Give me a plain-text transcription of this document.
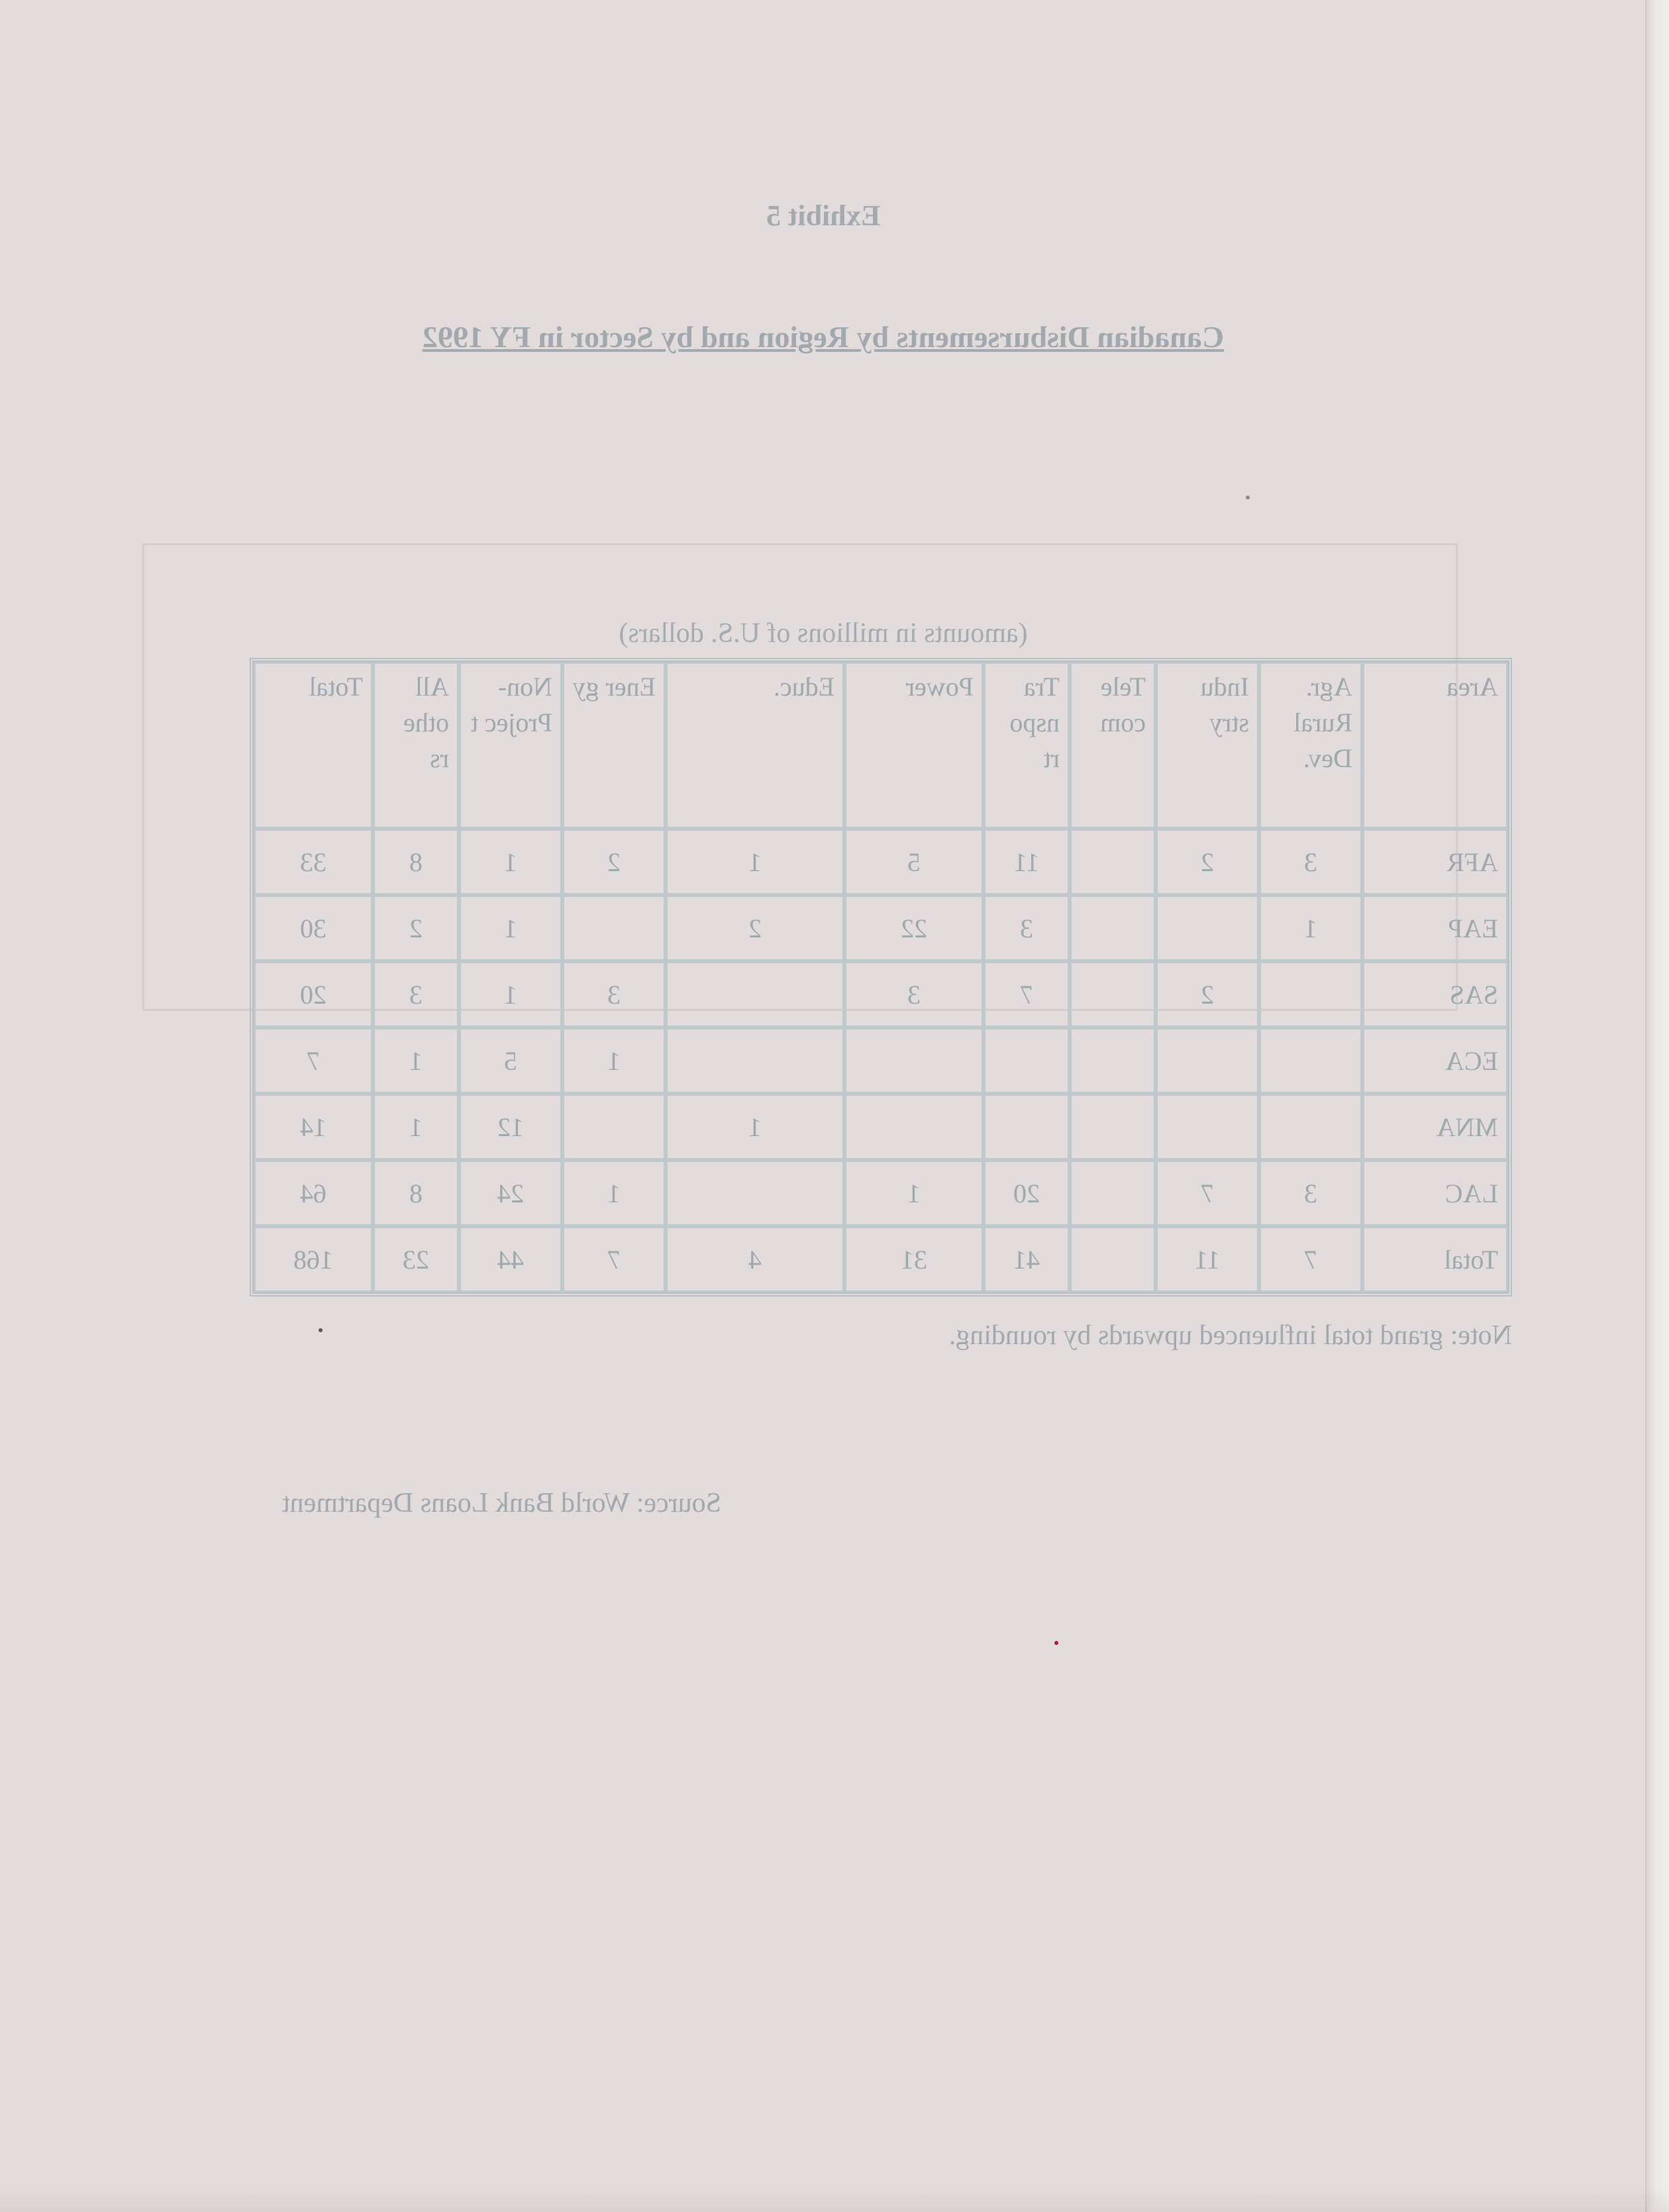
Exhibit 5
Canadian Disbursements by Region and by Sector in FY 1992
(amounts in millions of U.S. dollars)
Area	Agr. Rural Dev.	Indu stry	Tele com	Tra nspo rt	Power	Educ.	Ener gy	Non- Projec t	All othe rs	Total
AFR	3	2		11	5	1	2	1	8	33
EAP	1			3	22	2		1	2	30
SAS		2		7	3		3	1	3	20
ECA							1	5	1	7
MNA						1		12	1	14
LAC	3	7		20	1		1	24	8	64
Total	7	11		41	31	4	7	44	23	168
Note: grand total influenced upwards by rounding.
Source: World Bank Loans Department
